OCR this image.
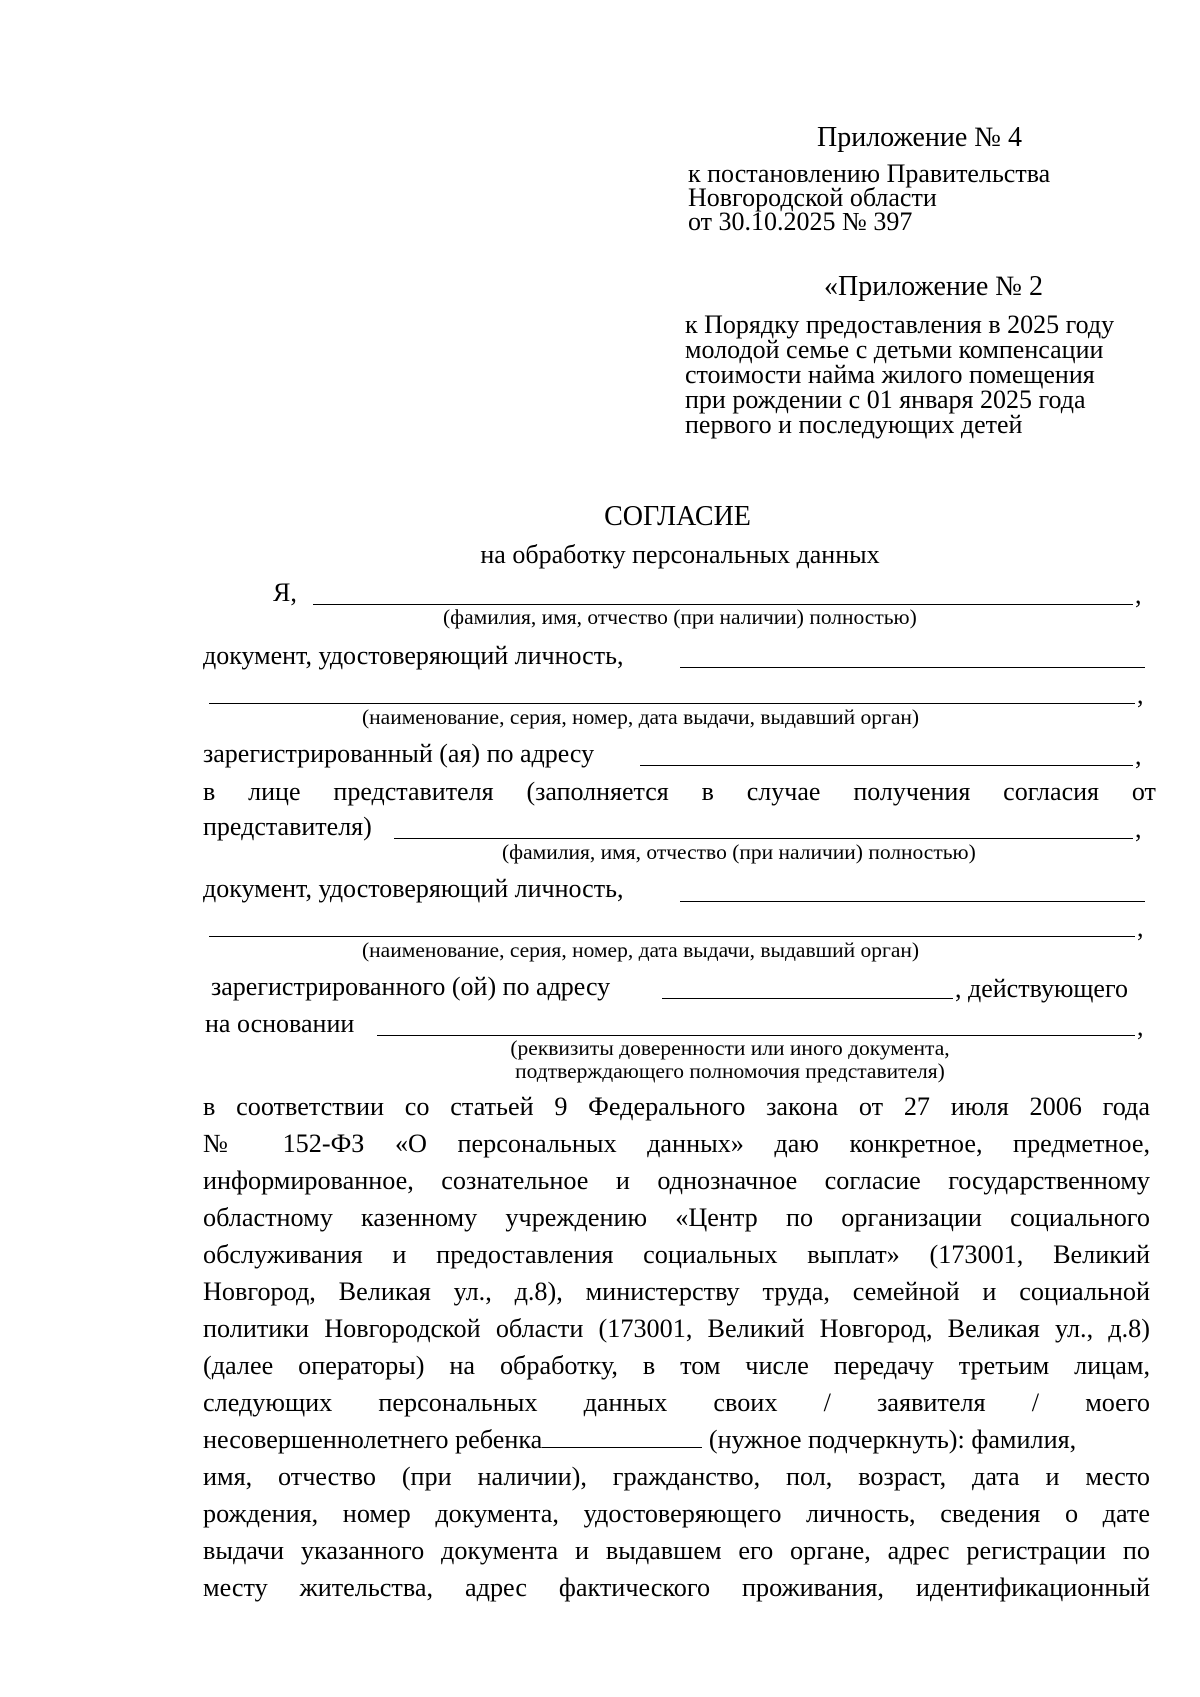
Приложение № 4
к постановлению Правительства
Новгородской области
от 30.10.2025 № 397
«Приложение № 2
к Порядку предоставления в 2025 году
молодой семье с детьми компенсации
стоимости найма жилого помещения
при рождении с 01 января 2025 года
первого и последующих детей
СОГЛАСИЕ
на обработку персональных данных
Я,	,
(фамилия, имя, отчество (при наличии) полностью)
документ, удостоверяющий личность,
,
(наименование, серия, номер, дата выдачи, выдавший орган)
зарегистрированный (ая) по адресу	,
в лице представителя (заполняется в случае получения согласия от
представителя)	,
(фамилия, имя, отчество (при наличии) полностью)
документ, удостоверяющий личность,
,
(наименование, серия, номер, дата выдачи, выдавший орган)
зарегистрированного (ой) по адресу	, действующего
на основании	,
(реквизиты доверенности или иного документа,
подтверждающего полномочия представителя)
в соответствии со статьей 9 Федерального закона от 27 июля 2006 года
№ 152-ФЗ «О персональных данных» даю конкретное, предметное,
информированное, сознательное и однозначное согласие государственному
областному казенному учреждению «Центр по организации социального
обслуживания и предоставления социальных выплат» (173001, Великий
Новгород, Великая ул., д.8), министерству труда, семейной и социальной
политики Новгородской области (173001, Великий Новгород, Великая ул., д.8)
(далее операторы) на обработку, в том числе передачу третьим лицам,
следующих персональных данных своих / заявителя / моего
несовершеннолетнего ребенка	(нужное подчеркнуть): фамилия,
имя, отчество (при наличии), гражданство, пол, возраст, дата и место
рождения, номер документа, удостоверяющего личность, сведения о дате
выдачи указанного документа и выдавшем его органе, адрес регистрации по
месту жительства, адрес фактического проживания, идентификационный
